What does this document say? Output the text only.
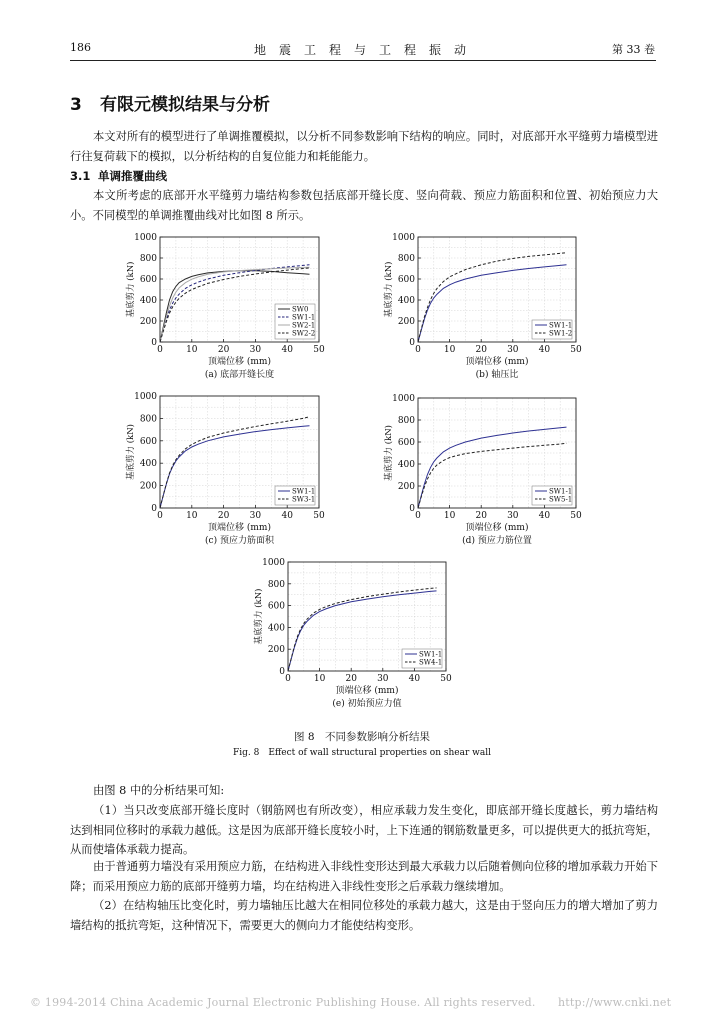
186	地震工程与工程振动	第 33 卷
3 有限元模拟结果与分析
本文对所有的模型进行了单调推覆模拟，以分析不同参数影响下结构的响应。同时，对底部开水平缝剪力墙模型进行往复荷载下的模拟，以分析结构的自复位能力和耗能能力。
3.1 单调推覆曲线
本文所考虑的底部开水平缝剪力墙结构参数包括底部开缝长度、竖向荷载、预应力筋面积和位置、初始预应力大小。不同模型的单调推覆曲线对比如图 8 所示。
0	10 20 30 40 50
0
200
400
600
800
1000
顶端位移 (mm)
基底剪力 (kN)
(a) 底部开缝长度
SW0
SW1-1
SW2-1
SW2-2
0	10 20 30 40 50
0
200
400
600
800
1000
顶端位移 (mm)
基底剪力 (kN)
(b) 轴压比
SW1-1
SW1-2
0	10 20 30 40 50
0
200
400
600
800
1000
顶端位移 (mm)
基底剪力 (kN)
(c) 预应力筋面积
SW1-1
SW3-1
0	10 20 30 40 50
0
200
400
600
800
1000
顶端位移 (mm)
基底剪力 (kN)
(d) 预应力筋位置
SW1-1
SW5-1
0	10 20 30 40 50
0
200
400
600
800
1000
顶端位移 (mm)
基底剪力 (kN)
(e) 初始预应力值
SW1-1
SW4-1
图 8　不同参数影响分析结果
Fig. 8　Effect of wall structural properties on shear wall
由图 8 中的分析结果可知:
（1）当只改变底部开缝长度时（钢筋网也有所改变），相应承载力发生变化，即底部开缝长度越长，剪力墙结构达到相同位移时的承载力越低。这是因为底部开缝长度较小时，上下连通的钢筋数量更多，可以提供更大的抵抗弯矩，从而使墙体承载力提高。
由于普通剪力墙没有采用预应力筋，在结构进入非线性变形达到最大承载力以后随着侧向位移的增加承载力开始下降；而采用预应力筋的底部开缝剪力墙，均在结构进入非线性变形之后承载力继续增加。
（2）在结构轴压比变化时，剪力墙轴压比越大在相同位移处的承载力越大，这是由于竖向压力的增大增加了剪力墙结构的抵抗弯矩，这种情况下，需要更大的侧向力才能使结构变形。
© 1994-2014 China Academic Journal Electronic Publishing House. All rights reserved.　　http://www.cnki.net
